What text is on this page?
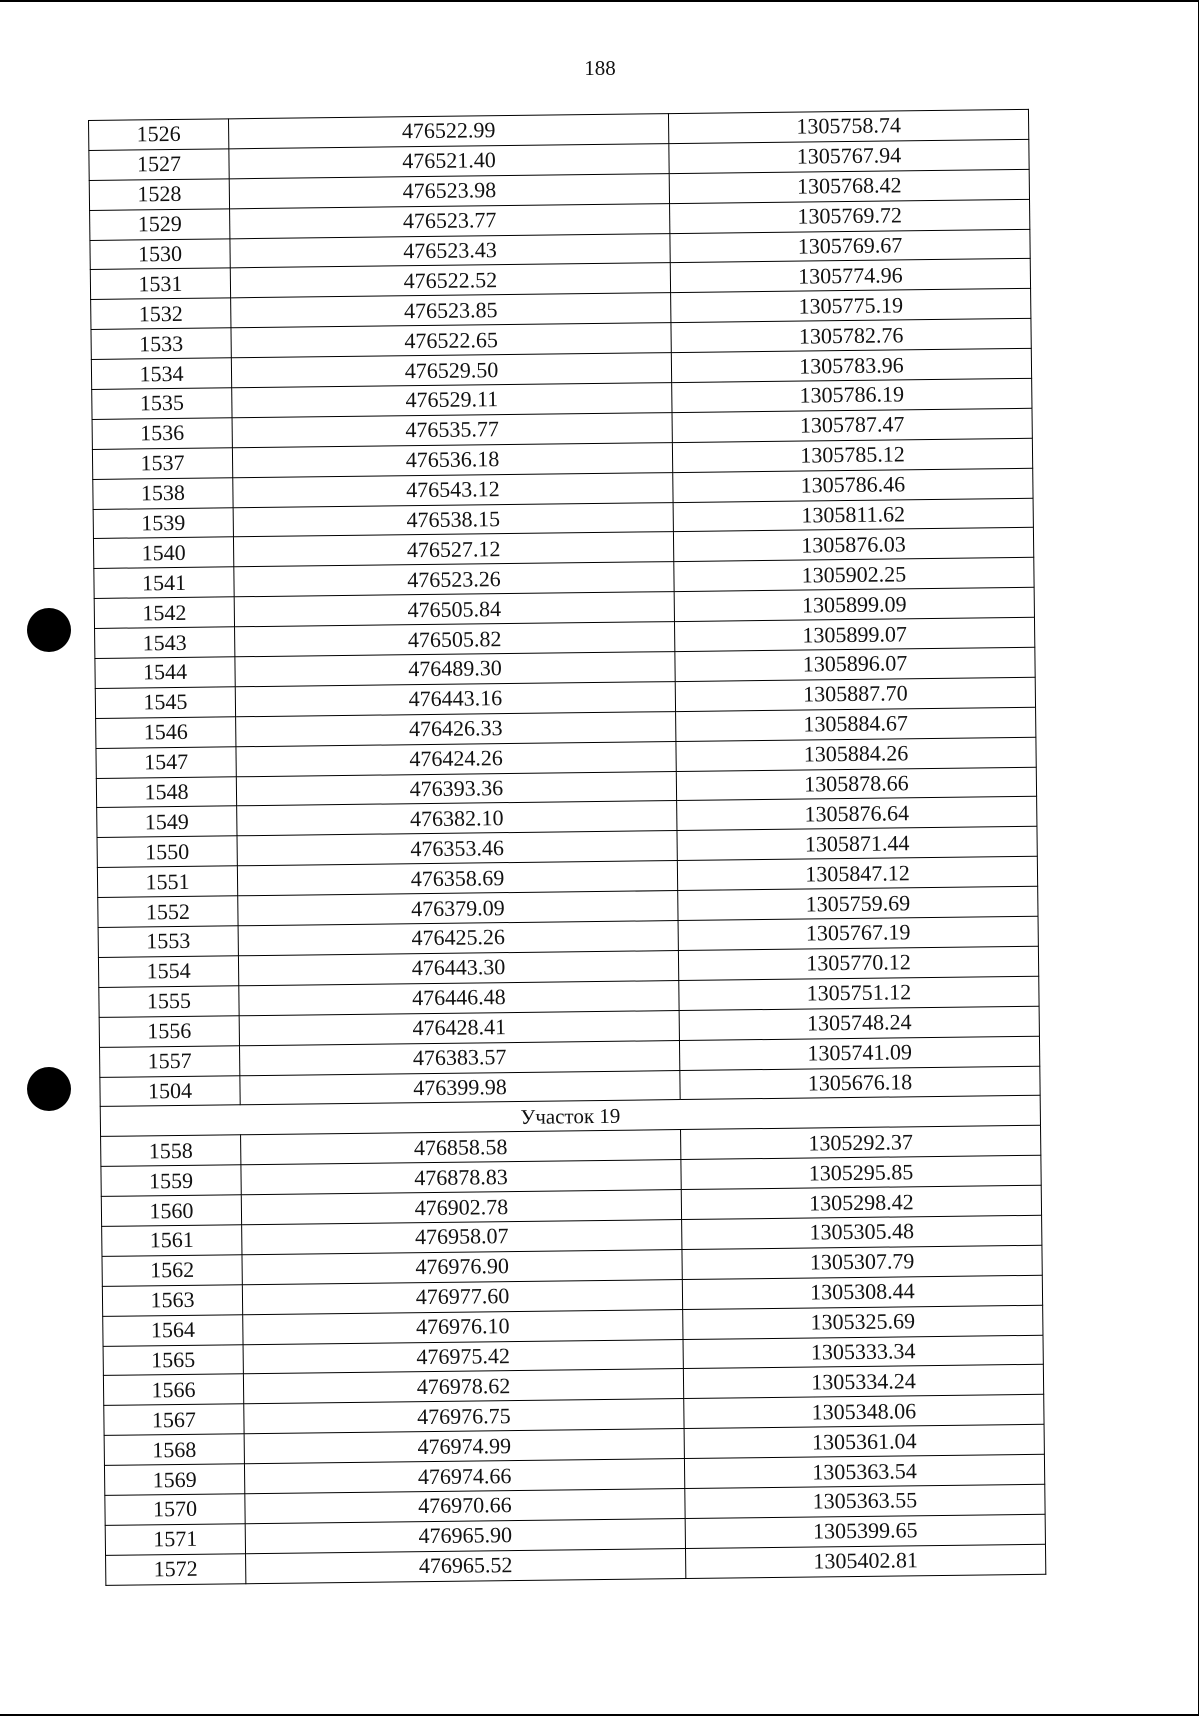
188
1526	476522.99	1305758.74
1527	476521.40	1305767.94
1528	476523.98	1305768.42
1529	476523.77	1305769.72
1530	476523.43	1305769.67
1531	476522.52	1305774.96
1532	476523.85	1305775.19
1533	476522.65	1305782.76
1534	476529.50	1305783.96
1535	476529.11	1305786.19
1536	476535.77	1305787.47
1537	476536.18	1305785.12
1538	476543.12	1305786.46
1539	476538.15	1305811.62
1540	476527.12	1305876.03
1541	476523.26	1305902.25
1542	476505.84	1305899.09
1543	476505.82	1305899.07
1544	476489.30	1305896.07
1545	476443.16	1305887.70
1546	476426.33	1305884.67
1547	476424.26	1305884.26
1548	476393.36	1305878.66
1549	476382.10	1305876.64
1550	476353.46	1305871.44
1551	476358.69	1305847.12
1552	476379.09	1305759.69
1553	476425.26	1305767.19
1554	476443.30	1305770.12
1555	476446.48	1305751.12
1556	476428.41	1305748.24
1557	476383.57	1305741.09
1504	476399.98	1305676.18
Участок 19		
1558	476858.58	1305292.37
1559	476878.83	1305295.85
1560	476902.78	1305298.42
1561	476958.07	1305305.48
1562	476976.90	1305307.79
1563	476977.60	1305308.44
1564	476976.10	1305325.69
1565	476975.42	1305333.34
1566	476978.62	1305334.24
1567	476976.75	1305348.06
1568	476974.99	1305361.04
1569	476974.66	1305363.54
1570	476970.66	1305363.55
1571	476965.90	1305399.65
1572	476965.52	1305402.81
